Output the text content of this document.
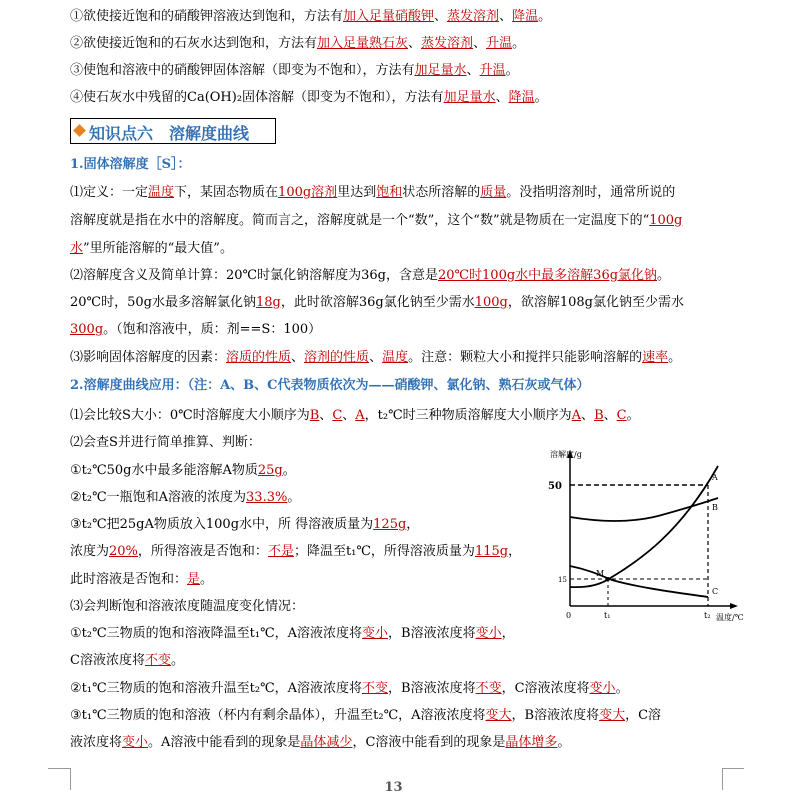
①欲使接近饱和的硝酸钾溶液达到饱和，方法有加入足量硝酸钾、蒸发溶剂、降温。
②欲使接近饱和的石灰水达到饱和，方法有加入足量熟石灰、蒸发溶剂、升温。
③使饱和溶液中的硝酸钾固体溶解（即变为不饱和），方法有加足量水、升温。
④使石灰水中残留的Ca(OH)₂固体溶解（即变为不饱和），方法有加足量水、降温。
1.固体溶解度［S］：
⑴定义：一定温度下，某固态物质在100g溶剂里达到饱和状态所溶解的质量。没指明溶剂时，通常所说的
溶解度就是指在水中的溶解度。简而言之，溶解度就是一个“数”，这个“数”就是物质在一定温度下的“100g
水”里所能溶解的“最大值”。
⑵溶解度含义及简单计算：20℃时氯化钠溶解度为36g，含意是20℃时100g水中最多溶解36g氯化钠。
20℃时，50g水最多溶解氯化钠18g，此时欲溶解36g氯化钠至少需水100g，欲溶解108g氯化钠至少需水
300g。（饱和溶液中，质：剂==S：100）
⑶影响固体溶解度的因素：溶质的性质、溶剂的性质、温度。注意：颗粒大小和搅拌只能影响溶解的速率。
2.溶解度曲线应用：（注：A、B、C代表物质依次为——硝酸钾、氯化钠、熟石灰或气体）
⑴会比较S大小：0℃时溶解度大小顺序为B、C、A，t₂℃时三种物质溶解度大小顺序为A、B、C。
⑵会查S并进行简单推算、判断：
①t₂℃50g水中最多能溶解A物质25g。
②t₂℃一瓶饱和A溶液的浓度为33.3%。
③t₂℃把25gA物质放入100g水中，所 得溶液质量为125g，
浓度为20%，所得溶液是否饱和：不是；降温至t₁℃，所得溶液质量为115g，
此时溶液是否饱和：是。
⑶会判断饱和溶液浓度随温度变化情况：
①t₂℃三物质的饱和溶液降温至t₁℃，A溶液浓度将变小，B溶液浓度将变小，
C溶液浓度将不变。
②t₁℃三物质的饱和溶液升温至t₂℃，A溶液浓度将不变，B溶液浓度将不变，C溶液浓度将变小。
③t₁℃三物质的饱和溶液（杯内有剩余晶体），升温至t₂℃，A溶液浓度将变大，B溶液浓度将变大，C溶
液浓度将变小。A溶液中能看到的现象是晶体减少，C溶液中能看到的现象是晶体增多。
知识点六　溶解度曲线
溶解度/g
温度/℃
0
50
15
t₁	t₂
M
A
B
C
13
